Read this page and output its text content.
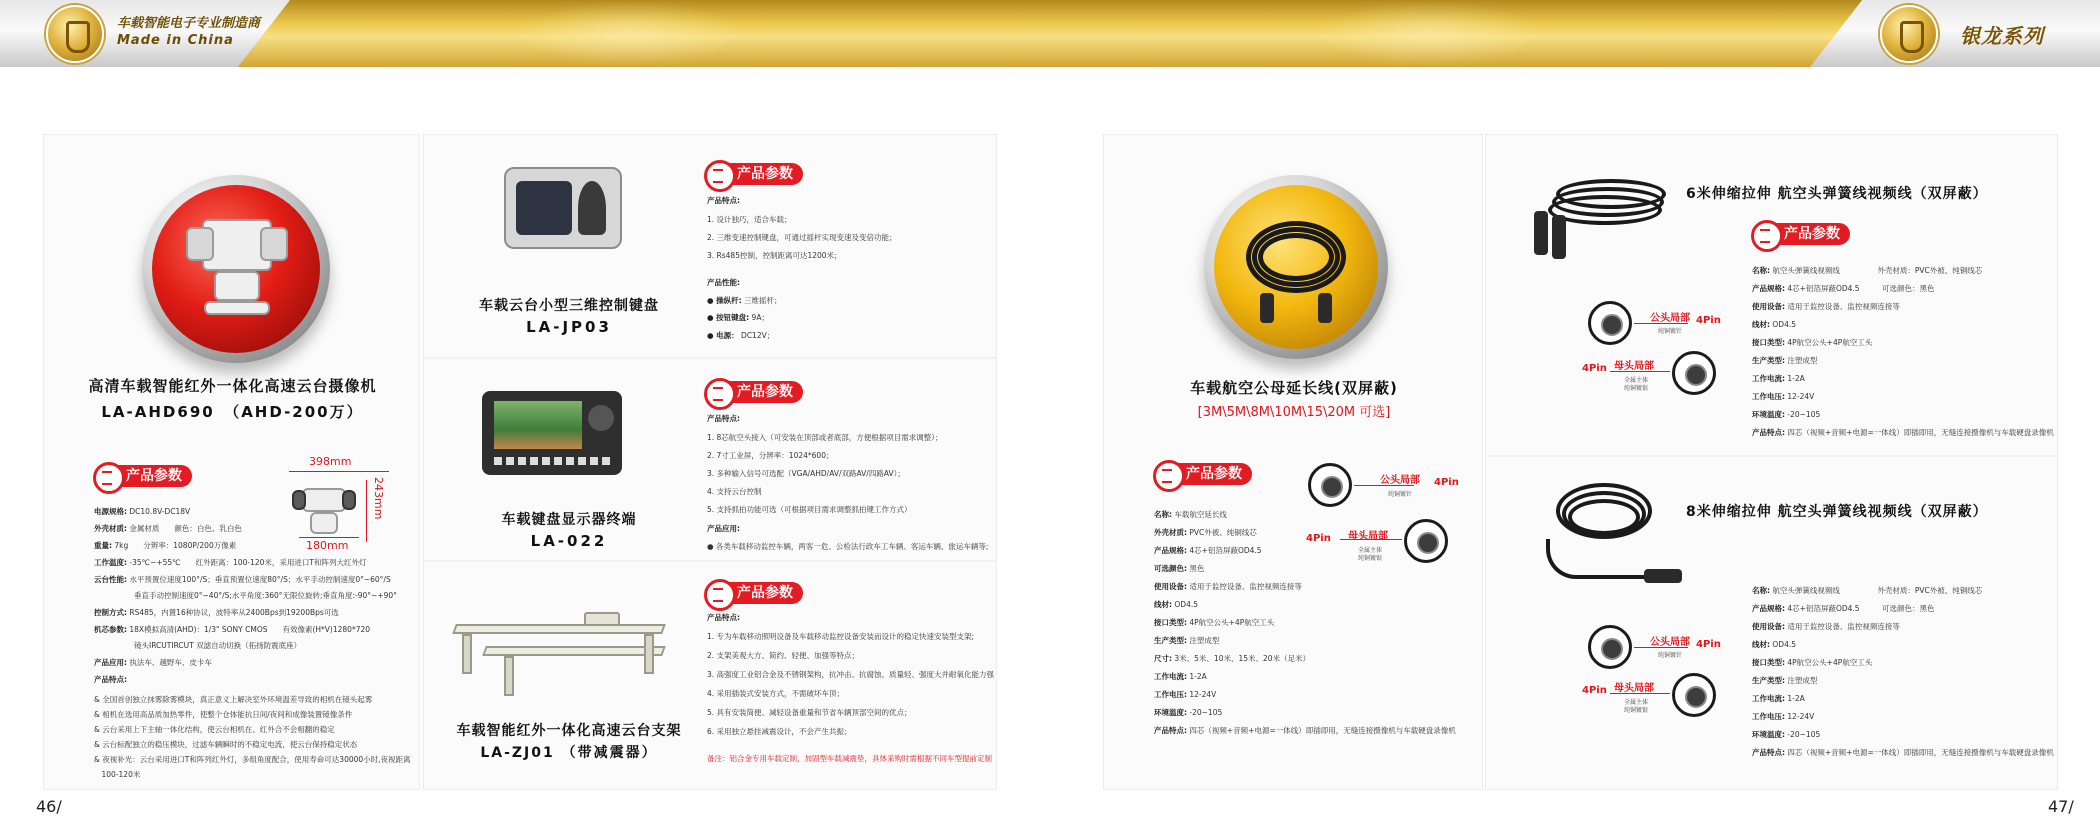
车载智能电子专业制造商
Made in China	银龙系列
高清车载智能红外一体化高速云台摄像机
LA-AHD690　（AHD-200万）
产品参数
398mm
243mm
180mm
电源规格: DC10.8V-DC18V
外壳材质: 金属材质　　颜色：白色、乳白色
重量: 7kg　　分辨率：1080P/200万像素
工作温度: -35℃~+55℃　　红外距离：100-120米，采用进口T和阵列大红外灯
云台性能: 水平预置位速度100°/S；垂直预置位速度80°/S；水平手动控制速度0°~60°/S
垂直手动控制速度0°~40°/S;水平角度:360°无限位旋转;垂直角度:-90°~+90°
控制方式: RS485，内置16种协议，波特率从2400Bps到19200Bps可选
机芯参数: 18X模拟高清(AHD)：1/3" SONY CMOS　　有效像素(H*V)1280*720
镜头IRCUTIRCUT 双滤自动切换（拓扬防震底座）
产品应用: 执法车、越野车、皮卡车
产品特点:
& 全国首创独立抹雾除雾模块，真正意义上解决室外环境温差导致的相机在镜头起雾
& 相机在选用高品质加热零件，使整个仓体能抗日间/夜间和成像装置镜像条件
& 云台采用上下主轴一体化结构，使云台相机在、红外合不会相翻的稳定
& 云台标配独立的稳压模块，过滤车辆瞬时的不稳定电流，使云台保持稳定状态
& 夜视补光：云台采用进口T和阵列红外灯，多组角度配合，使用寿命可达30000小时,夜视距离
　100-120米
车载云台小型三维控制键盘
LA-JP03
产品参数
产品特点:
1. 设计独巧，适合车载；
2. 三维变速控制键盘，可通过摇杆实现变速及变倍功能；
3. Rs485控制，控制距离可达1200米；
产品性能:
● 操纵杆: 三维摇杆；
● 按钮键盘: 9A；
● 电源： DC12V；
车载键盘显示器终端
LA-022
产品参数
产品特点:
1. 8芯航空头接入（可安装在顶部或者底部，方便根据项目需求调整）；
2. 7寸工业屏，分辨率：1024*600；
3. 多种输入信号可选配（VGA/AHD/AV/双路AV/四路AV）；
4. 支持云台控制
5. 支持抓拍功能可选（可根据项目需求调整抓拍键工作方式）
产品应用:
● 各类车载移动监控车辆，两客一危、公检法行政车工车辆、客运车辆、旅运车辆等;
车载智能红外一体化高速云台支架
LA-ZJ01 （带减震器）
产品参数
产品特点:
1. 专为车载移动照明设备及车载移动监控设备安装而设计的稳定快速安装型支架;
2. 支架美观大方、简约、轻便、加强等特点；
3. 高强度工业铝合金及不锈钢架构，抗冲击、抗腐蚀、质量轻、强度大并耐氧化能力强
4. 采用插装式安装方式，不需破坏车顶；
5. 具有安装简便、减轻设备重量和节省车辆顶部空间的优点；
6. 采用独立悬挂减震设计，不会产生共振；
备注：铝合金专用车载定制，加固型车载减震垫，具体采购时需根据不同车型提前定制
车载航空公母延长线(双屏蔽)
[3M\5M\8M\10M\15\20M 可选]
产品参数	公头局部
纯铜镀针
4Pin
母头局部
全属主体
纯铜镀银
4Pin
名称: 车载航空延长线
外壳材质: PVC外被、纯铜线芯
产品规格: 4芯+铝箔屏蔽OD4.5
可选颜色: 黑色
使用设备: 适用于监控设备、监控视频连接等
线材: OD4.5
接口类型: 4P航空公头+4P航空工头
生产类型: 注塑成型
尺寸: 3米、5米、10米、15米、20米（足米）
工作电流: 1-2A
工作电压: 12-24V
环境温度: -20~105
产品特点: 四芯（视频+音频+电源=一体线）即插即用，无缝连接摄像机与车载硬盘录像机
6米伸缩拉伸 航空头弹簧线视频线（双屏蔽）
产品参数
公头局部
纯铜镀针
4Pin
母头局部
全属主体
纯铜镀银
4Pin
名称: 航空头弹簧线视频线　　　　　外壳材质：PVC外被、纯铜线芯
产品规格: 4芯+铝箔屏蔽OD4.5　　　可选颜色：黑色
使用设备: 适用于监控设备、监控视频连接等
线材: OD4.5
接口类型: 4P航空公头+4P航空工头
生产类型: 注塑成型
工作电流: 1-2A
工作电压: 12-24V
环境温度: -20~105
产品特点: 四芯（视频+音频+电源=一体线）即插即用，无缝连接摄像机与车载硬盘录像机
8米伸缩拉伸 航空头弹簧线视频线（双屏蔽）
公头局部
纯铜镀针
4Pin
母头局部
全属主体
纯铜镀银
4Pin
名称: 航空头弹簧线视频线　　　　　外壳材质：PVC外被、纯铜线芯
产品规格: 4芯+铝箔屏蔽OD4.5　　　可选颜色：黑色
使用设备: 适用于监控设备、监控视频连接等
线材: OD4.5
接口类型: 4P航空公头+4P航空工头
生产类型: 注塑成型
工作电流: 1-2A
工作电压: 12-24V
环境温度: -20~105
产品特点: 四芯（视频+音频+电源=一体线）即插即用，无缝连接摄像机与车载硬盘录像机
46/	47/
